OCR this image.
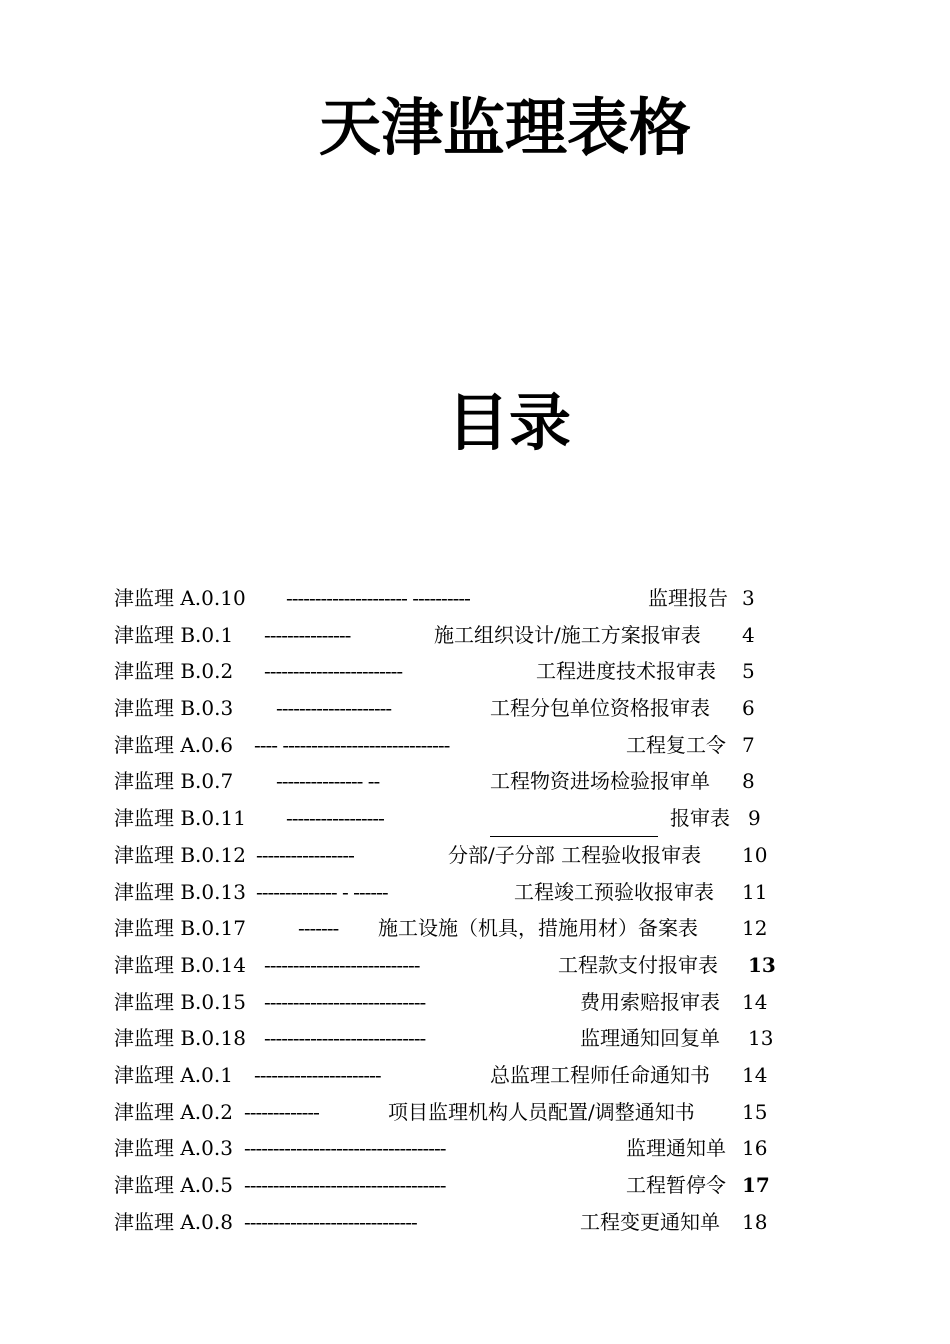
天津监理表格
目录
津监理 A.0.10 --------------------- ----------	监理报告 3
津监理 B.0.1 ---------------	施工组织设计/施工方案报审表 4
津监理 B.0.2 ------------------------	工程进度技术报审表 5
津监理 B.0.3 --------------------	工程分包单位资格报审表 6
津监理 A.0.6 ---- -----------------------------	工程复工令 7
津监理 B.0.7 --------------- --	工程物资进场检验报审单 8
津监理 B.0.11 -----------------	报审表 9
津监理 B.0.12 -----------------	分部/子分部 工程验收报审表 10
津监理 B.0.13 -------------- - ------	工程竣工预验收报审表 11
津监理 B.0.17	------- 施工设施（机具，措施用材）备案表 12
津监理 B.0.14 ---------------------------	工程款支付报审表 13
津监理 B.0.15 ----------------------------	费用索赔报审表 14
津监理 B.0.18 ----------------------------	监理通知回复单 13
津监理 A.0.1 ----------------------	总监理工程师任命通知书 14
津监理 A.0.2 -------------	项目监理机构人员配置/调整通知书 15
津监理 A.0.3 -----------------------------------	监理通知单 16
津监理 A.0.5 -----------------------------------	工程暂停令 17
津监理 A.0.8 ------------------------------	工程变更通知单 18
